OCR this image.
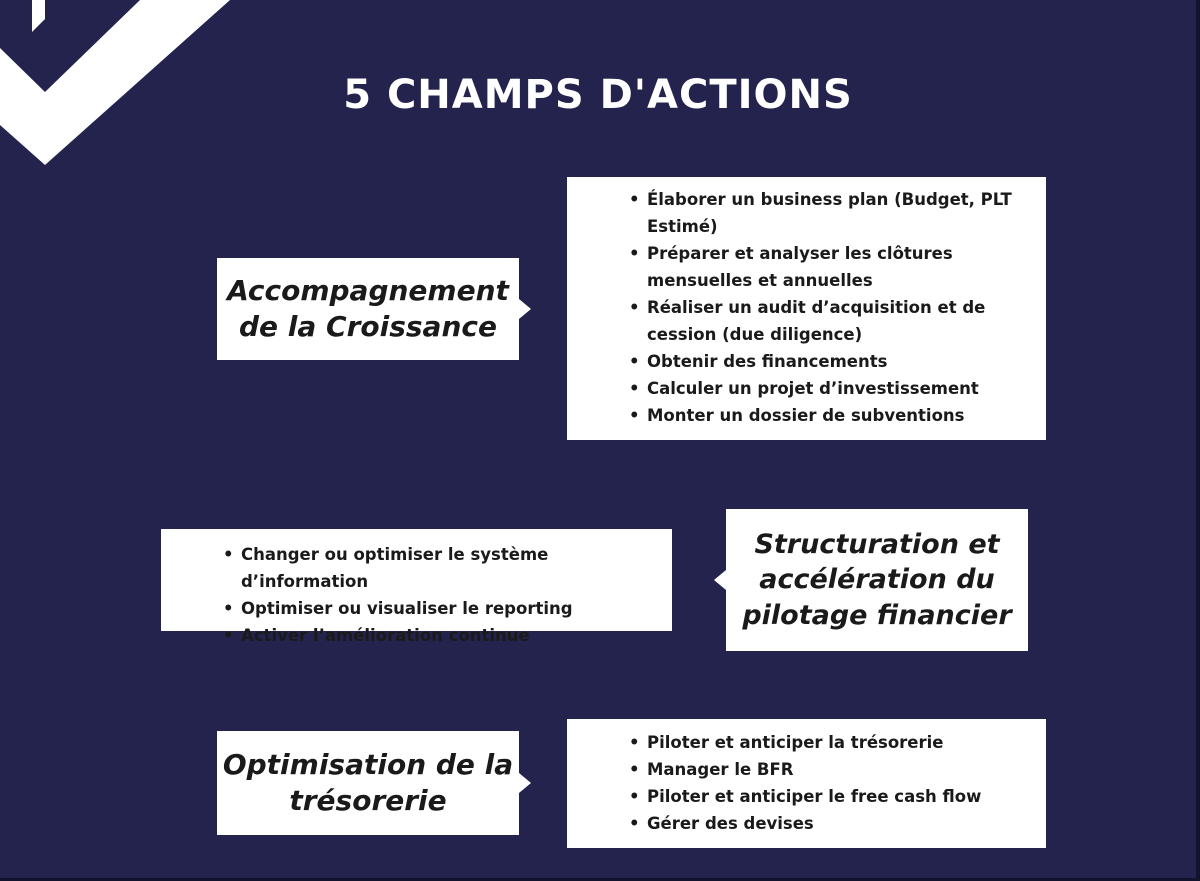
5 CHAMPS D'ACTIONS
Accompagnement
de la Croissance
• Élaborer un business plan (Budget, PLT Estimé)
• Préparer et analyser les clôtures mensuelles et annuelles
• Réaliser un audit d’acquisition et de cession (due diligence)
• Obtenir des financements
• Calculer un projet d’investissement
• Monter un dossier de subventions
• Changer ou optimiser le système d’information
• Optimiser ou visualiser le reporting
• Activer l’amélioration continue
Structuration et
accélération du
pilotage financier
Optimisation de la
trésorerie
• Piloter et anticiper la trésorerie
• Manager le BFR
• Piloter et anticiper le free cash flow
• Gérer des devises
